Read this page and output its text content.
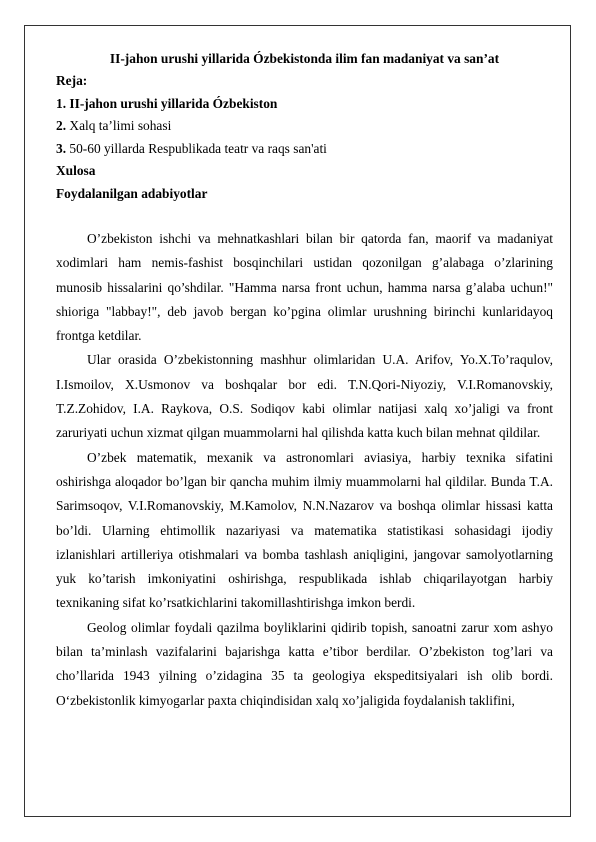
II-jahon urushi yillarida Ózbekistonda ilim fan madaniyat va san’at

Reja:

1. II-jahon urushi yillarida Ózbekiston

2. Xalq ta’limi sohasi

3. 50-60 yillarda Respublikada teatr va raqs san'ati

Xulosa

Foydalanilgan adabiyotlar

O’zbekiston ishchi va mehnatkashlari bilan bir qatorda fan, maorif va madaniyat xodimlari ham nemis-fashist bosqinchilari ustidan qozonilgan g’alabaga o’zlarining munosib hissalarini qo’shdilar. "Hamma narsa front uchun, hamma narsa g’alaba uchun!" shioriga "labbay!", deb javob bergan ko’pgina olimlar urushning birinchi kunlaridayoq frontga ketdilar.

Ular orasida O’zbekistonning mashhur olimlaridan U.A. Arifov, Yo.X.To’raqulov, I.Ismoilov, X.Usmonov va boshqalar bor edi. T.N.Qori-Niyoziy, V.I.Romanovskiy, T.Z.Zohidov, I.A. Raykova, O.S. Sodiqov kabi olimlar natijasi xalq xo’jaligi va front zaruriyati uchun xizmat qilgan muammolarni hal qilishda katta kuch bilan mehnat qildilar.

O’zbek matematik, mexanik va astronomlari aviasiya, harbiy texnika sifatini oshirishga aloqador bo’lgan bir qancha muhim ilmiy muammolarni hal qildilar. Bunda T.A. Sarimsoqov, V.I.Romanovskiy, M.Kamolov, N.N.Nazarov va boshqa olimlar hissasi katta bo’ldi. Ularning ehtimollik nazariyasi va matematika statistikasi sohasidagi ijodiy izlanishlari artilleriya otishmalari va bomba tashlash aniqligini, jangovar samolyotlarning yuk ko’tarish imkoniyatini oshirishga, respublikada ishlab chiqarilayotgan harbiy texnikaning sifat ko’rsatkichlarini takomillashtirishga imkon berdi.

Geolog olimlar foydali qazilma boyliklarini qidirib topish, sanoatni zarur xom ashyo bilan ta’minlash vazifalarini bajarishga katta e’tibor berdilar. O’zbekiston tog’lari va cho’llarida 1943 yilning o’zidagina 35 ta geologiya ekspeditsiyalari ish olib bordi. O‘zbekistonlik kimyogarlar paxta chiqindisidan xalq xo’jaligida foydalanish taklifini,
